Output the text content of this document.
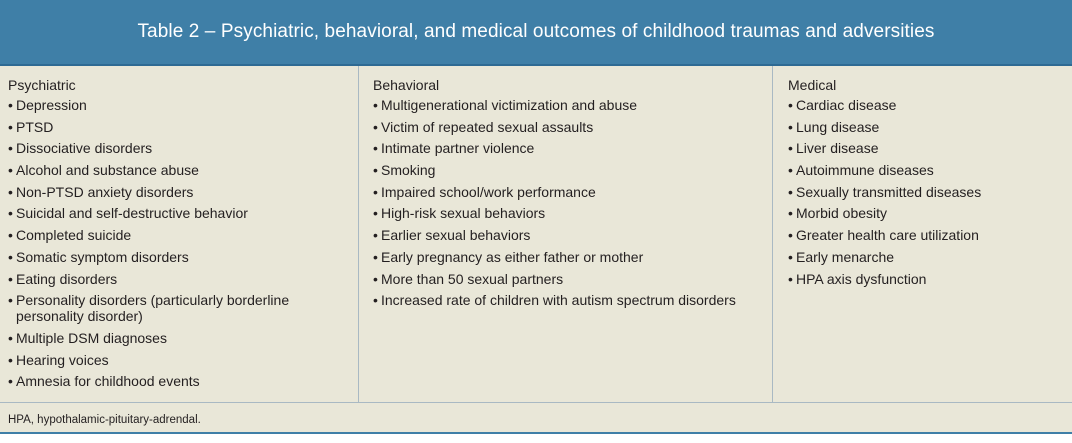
Table 2 – Psychiatric, behavioral, and medical outcomes of childhood traumas and adversities
Psychiatric
• Depression
• PTSD
• Dissociative disorders
• Alcohol and substance abuse
• Non-PTSD anxiety disorders
• Suicidal and self-destructive behavior
• Completed suicide
• Somatic symptom disorders
• Eating disorders
• Personality disorders (particularly borderline personality disorder)
• Multiple DSM diagnoses
• Hearing voices
• Amnesia for childhood events
Behavioral
• Multigenerational victimization and abuse
• Victim of repeated sexual assaults
• Intimate partner violence
• Smoking
• Impaired school/work performance
• High-risk sexual behaviors
• Earlier sexual behaviors
• Early pregnancy as either father or mother
• More than 50 sexual partners
• Increased rate of children with autism spectrum disorders
Medical
• Cardiac disease
• Lung disease
• Liver disease
• Autoimmune diseases
• Sexually transmitted diseases
• Morbid obesity
• Greater health care utilization
• Early menarche
• HPA axis dysfunction
HPA, hypothalamic-pituitary-adrendal.
